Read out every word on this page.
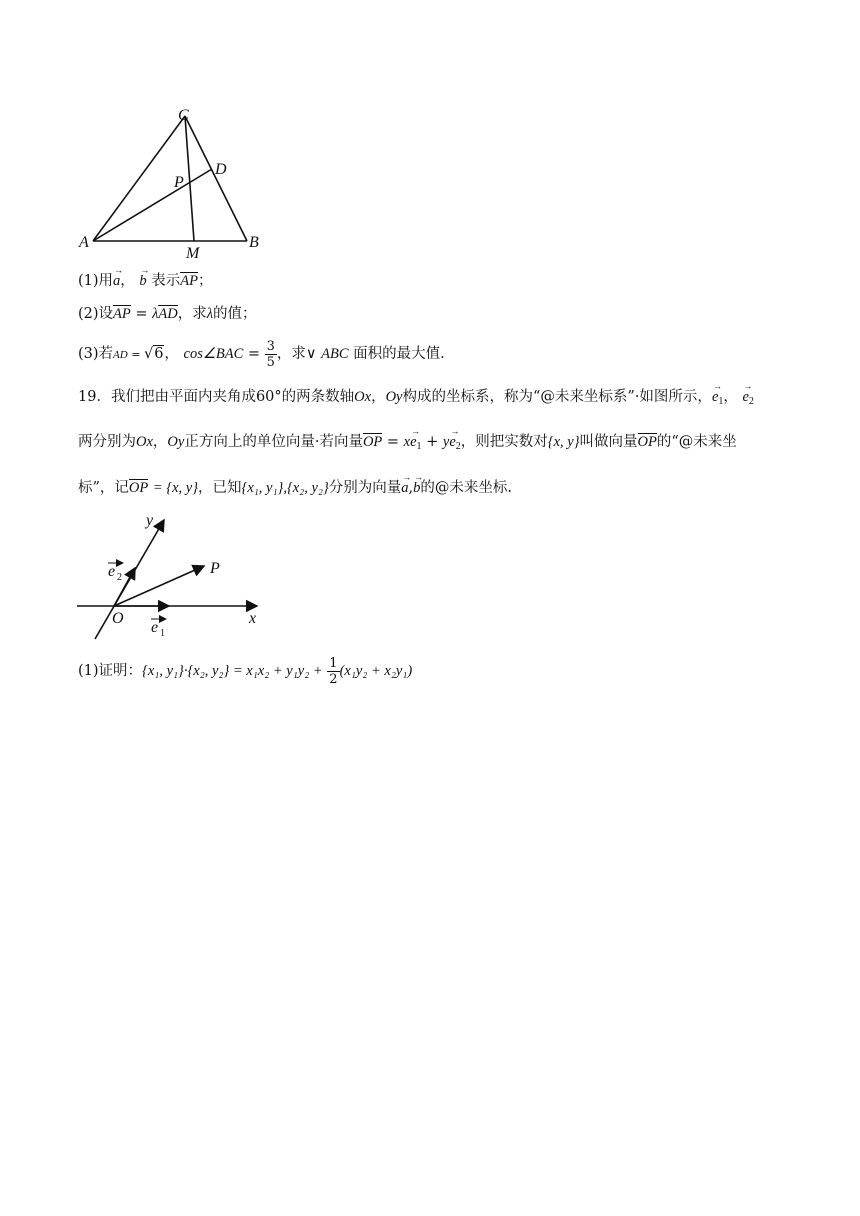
C
D
P
A	B
M
(1)用→ a， → b 表示AP；
(2)设AP = λAD，求λ的值；
(3)若AD = √6， cos∠BAC = $\frac{3}{5}$ ，求∨ ABC 面积的最大值.
19．我们把由平面内夹角成60°的两条数轴Ox，Oy构成的坐标系，称为“@未来坐标系”·如图所示，→ $e_1$， → $e_2$
两分别为Ox，Oy正方向上的单位向量·若向量OP = $x\to e_1 + y\to e_2$，则把实数对{x, y}叫做向量OP的“@未来坐
标”，记OP = {x, y}，已知{x₁, y₁},{x₂, y₂}分别为向量→ a,→ b的@未来坐标.
y
x
O
P
e 2
e 1
(1)证明：{x₁, y₁}·{x₂, $y_2\} = x_1x_2 + y_1y_2 + \frac{1}{2} (x_1y_2 + x_2y_1)$
